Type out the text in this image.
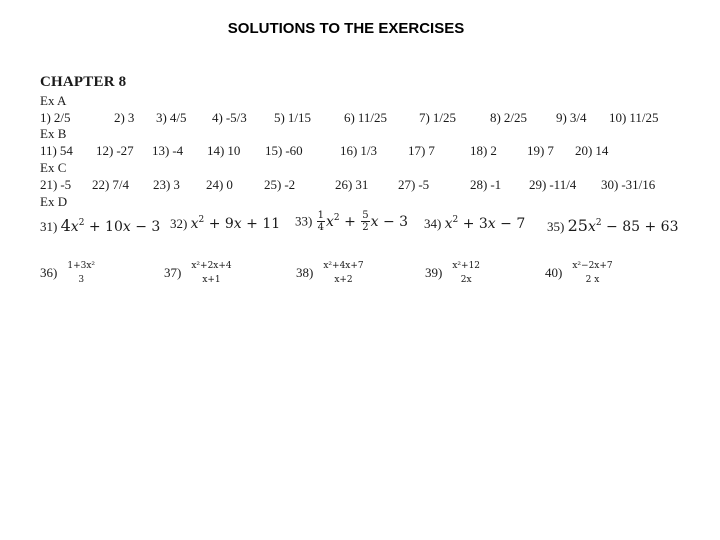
SOLUTIONS TO THE EXERCISES
CHAPTER 8
Ex A
1) 2/5	2) 3 3) 4/5 4) -5/3 5) 1/15	6) 11/25 7) 1/25	8) 2/25 9) 3/4 10) 11/25
Ex B
11) 54 12) -27 13) -4 14) 10 15) -60	16) 1/3 17) 7	18) 2 19) 7 20) 14
Ex C
21) -5 22) 7/4 23) 3 24) 0 25) -2	26) 31 27) -5	28) -1 29) -11/4 30) -31/16
Ex D
31) $4x^2 + 10x - 3$ 32) $x^2 + 9x + 11$ $33) \frac{1}{4} x^2 + \frac{5}{2}$ x − 3 34) $x^2 + 3x - 7$ 35) $25x^2 - 85 + 63$
36) 1+3x²
3	37) x²+2x+4
x+1	38) x²+4x+7
x+2	39) x²+12
2x	40) x²−2x+7
2 x
